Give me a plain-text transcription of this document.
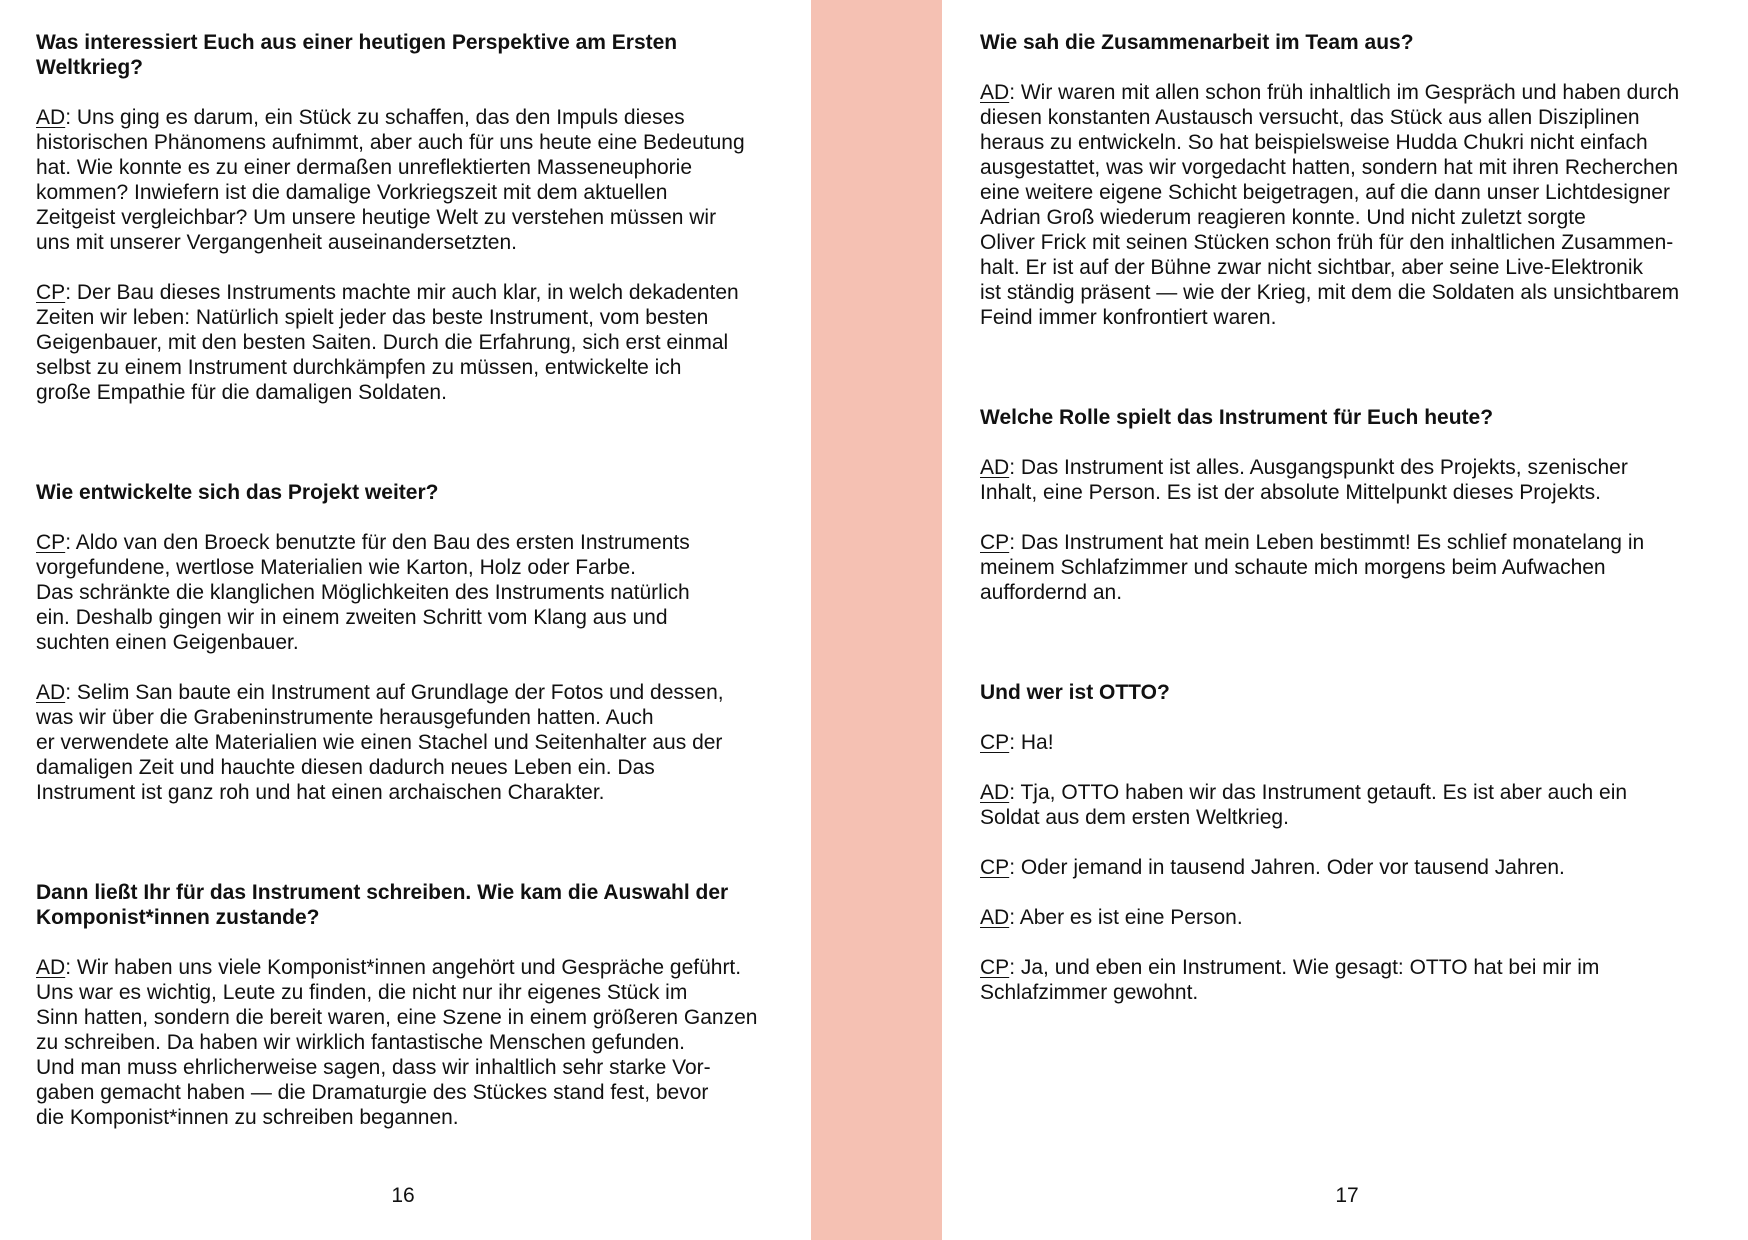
Was interessiert Euch aus einer heutigen Perspektive am Ersten
Weltkrieg?

AD: Uns ging es darum, ein Stück zu schaffen, das den Impuls dieses
historischen Phänomens aufnimmt, aber auch für uns heute eine Bedeutung
hat. Wie konnte es zu einer dermaßen unreflektierten Masseneuphorie
kommen? Inwiefern ist die damalige Vorkriegszeit mit dem aktuellen
Zeitgeist vergleichbar? Um unsere heutige Welt zu verstehen müssen wir
uns mit unserer Vergangenheit auseinandersetzten.

CP: Der Bau dieses Instruments machte mir auch klar, in welch dekadenten
Zeiten wir leben: Natürlich spielt jeder das beste Instrument, vom besten
Geigenbauer, mit den besten Saiten. Durch die Erfahrung, sich erst einmal
selbst zu einem Instrument durchkämpfen zu müssen, entwickelte ich
große Empathie für die damaligen Soldaten.

Wie entwickelte sich das Projekt weiter?

CP: Aldo van den Broeck benutzte für den Bau des ersten Instruments
vorgefundene, wertlose Materialien wie Karton, Holz oder Farbe.
Das schränkte die klanglichen Möglichkeiten des Instruments natürlich
ein. Deshalb gingen wir in einem zweiten Schritt vom Klang aus und
suchten einen Geigenbauer.

AD: Selim San baute ein Instrument auf Grundlage der Fotos und dessen,
was wir über die Grabeninstrumente herausgefunden hatten. Auch
er verwendete alte Materialien wie einen Stachel und Seitenhalter aus der
damaligen Zeit und hauchte diesen dadurch neues Leben ein. Das
Instrument ist ganz roh und hat einen archaischen Charakter.

Dann ließt Ihr für das Instrument schreiben. Wie kam die Auswahl der
Komponist*innen zustande?

AD: Wir haben uns viele Komponist*innen angehört und Gespräche geführt.
Uns war es wichtig, Leute zu finden, die nicht nur ihr eigenes Stück im
Sinn hatten, sondern die bereit waren, eine Szene in einem größeren Ganzen
zu schreiben. Da haben wir wirklich fantastische Menschen gefunden.
Und man muss ehrlicherweise sagen, dass wir inhaltlich sehr starke Vor-
gaben gemacht haben — die Dramaturgie des Stückes stand fest, bevor
die Komponist*innen zu schreiben begannen.

16

Wie sah die Zusammenarbeit im Team aus?

AD: Wir waren mit allen schon früh inhaltlich im Gespräch und haben durch
diesen konstanten Austausch versucht, das Stück aus allen Disziplinen
heraus zu entwickeln. So hat beispielsweise Hudda Chukri nicht einfach
ausgestattet, was wir vorgedacht hatten, sondern hat mit ihren Recherchen
eine weitere eigene Schicht beigetragen, auf die dann unser Lichtdesigner
Adrian Groß wiederum reagieren konnte. Und nicht zuletzt sorgte
Oliver Frick mit seinen Stücken schon früh für den inhaltlichen Zusammen-
halt. Er ist auf der Bühne zwar nicht sichtbar, aber seine Live-Elektronik
ist ständig präsent — wie der Krieg, mit dem die Soldaten als unsichtbarem
Feind immer konfrontiert waren.

Welche Rolle spielt das Instrument für Euch heute?

AD: Das Instrument ist alles. Ausgangspunkt des Projekts, szenischer
Inhalt, eine Person. Es ist der absolute Mittelpunkt dieses Projekts.

CP: Das Instrument hat mein Leben bestimmt! Es schlief monatelang in
meinem Schlafzimmer und schaute mich morgens beim Aufwachen
auffordernd an.

Und wer ist OTTO?

CP: Ha!

AD: Tja, OTTO haben wir das Instrument getauft. Es ist aber auch ein
Soldat aus dem ersten Weltkrieg.

CP: Oder jemand in tausend Jahren. Oder vor tausend Jahren.

AD: Aber es ist eine Person.

CP: Ja, und eben ein Instrument. Wie gesagt: OTTO hat bei mir im
Schlafzimmer gewohnt.

17
